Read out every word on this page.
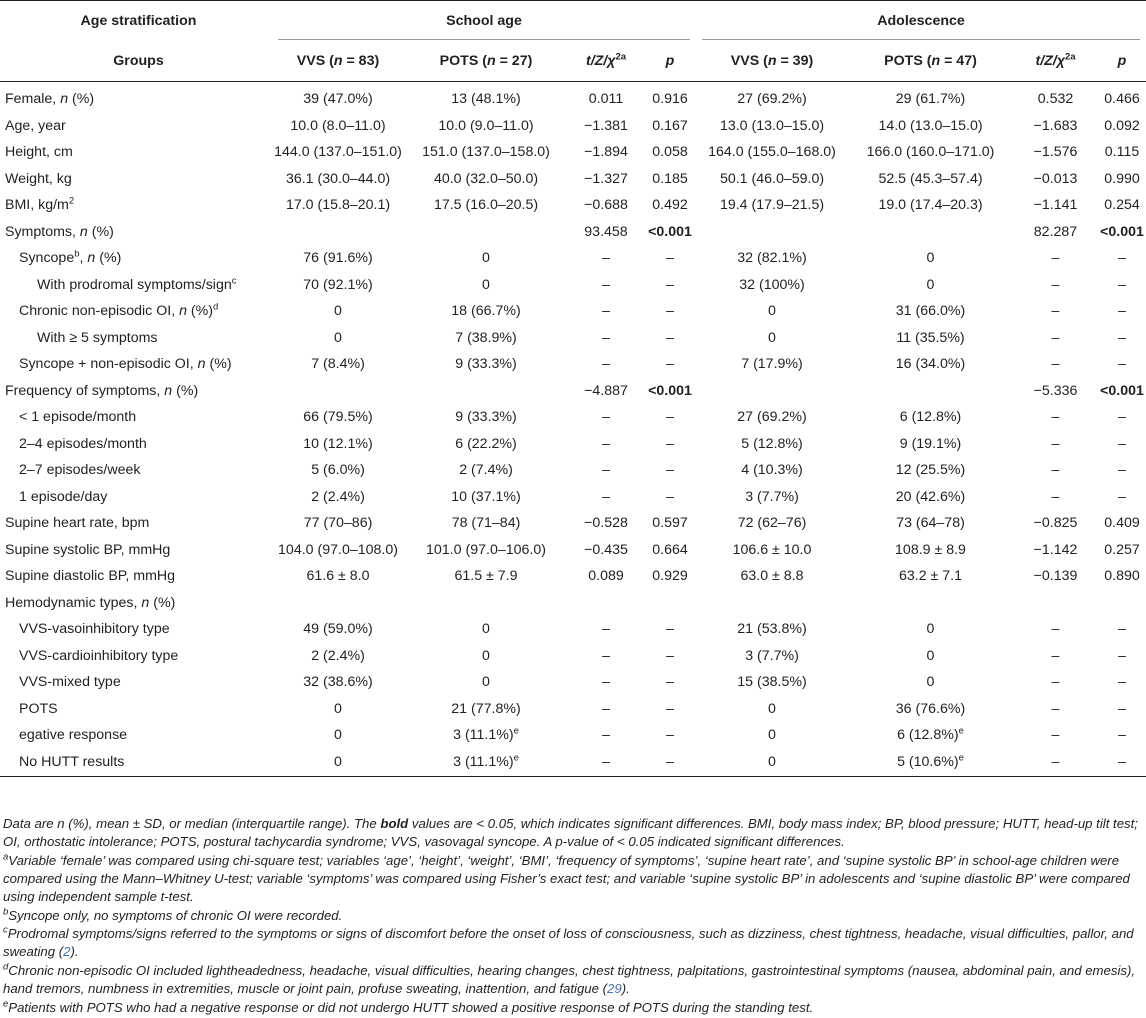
Age stratification	School age				Adolescence			

Groups	VVS (n = 83)	POTS (n = 27)	$t/Z/\chi^{2a}$	p	VVS (n = 39)	POTS (n = 47)	$t/Z/\chi^{2a}$	p
Female, n (%)	39 (47.0%)	13 (48.1%)	0.011	0.916	27 (69.2%)	29 (61.7%)	0.532	0.466
Age, year	10.0 (8.0–11.0)	10.0 (9.0–11.0)	−1.381	0.167	13.0 (13.0–15.0)	14.0 (13.0–15.0)	−1.683	0.092
Height, cm	144.0 (137.0–151.0)	151.0 (137.0–158.0)	−1.894	0.058	164.0 (155.0–168.0)	166.0 (160.0–171.0)	−1.576	0.115
Weight, kg	36.1 (30.0–44.0)	40.0 (32.0–50.0)	−1.327	0.185	50.1 (46.0–59.0)	52.5 (45.3–57.4)	−0.013	0.990
BMI, $kg/m^2$	17.0 (15.8–20.1)	17.5 (16.0–20.5)	−0.688	0.492	19.4 (17.9–21.5)	19.0 (17.4–20.3)	−1.141	0.254
Symptoms, n (%)			93.458	<0.001			82.287	<0.001
Syncope$^b$, n (%)	76 (91.6%)	0	–	–	32 (82.1%)	0	–	–
With prodromal symptoms/sign$^c$	70 (92.1%)	0	–	–	32 (100%)	0	–	–
Chronic non-episodic OI, n (%)$^d$	0	18 (66.7%)	–	–	0	31 (66.0%)	–	–
With ≥ 5 symptoms	0	7 (38.9%)	–	–	0	11 (35.5%)	–	–
Syncope + non-episodic OI, n (%)	7 (8.4%)	9 (33.3%)	–	–	7 (17.9%)	16 (34.0%)	–	–
Frequency of symptoms, n (%)			−4.887	<0.001			−5.336	<0.001
< 1 episode/month	66 (79.5%)	9 (33.3%)	–	–	27 (69.2%)	6 (12.8%)	–	–
2–4 episodes/month	10 (12.1%)	6 (22.2%)	–	–	5 (12.8%)	9 (19.1%)	–	–
2–7 episodes/week	5 (6.0%)	2 (7.4%)	–	–	4 (10.3%)	12 (25.5%)	–	–
1 episode/day	2 (2.4%)	10 (37.1%)	–	–	3 (7.7%)	20 (42.6%)	–	–
Supine heart rate, bpm	77 (70–86)	78 (71–84)	−0.528	0.597	72 (62–76)	73 (64–78)	−0.825	0.409
Supine systolic BP, mmHg	104.0 (97.0–108.0)	101.0 (97.0–106.0)	−0.435	0.664	106.6 ± 10.0	108.9 ± 8.9	−1.142	0.257
Supine diastolic BP, mmHg	61.6 ± 8.0	61.5 ± 7.9	0.089	0.929	63.0 ± 8.8	63.2 ± 7.1	−0.139	0.890
Hemodynamic types, n (%)								
VVS-vasoinhibitory type	49 (59.0%)	0	–	–	21 (53.8%)	0	–	–
VVS-cardioinhibitory type	2 (2.4%)	0	–	–	3 (7.7%)	0	–	–
VVS-mixed type	32 (38.6%)	0	–	–	15 (38.5%)	0	–	–
POTS	0	21 (77.8%)	–	–	0	36 (76.6%)	–	–
egative response	0	3 $(11.1\%)^e$	–	–	0	6 $(12.8\%)^e$	–	–
No HUTT results	0	3 $(11.1\%)^e$	–	–	0	5 $(10.6\%)^e$	–	–

Data are n (%), mean ± SD, or median (interquartile range). The bold values are < 0.05, which indicates significant differences. BMI, body mass index; BP, blood pressure; HUTT, head-up tilt test; OI, orthostatic intolerance; POTS, postural tachycardia syndrome; VVS, vasovagal syncope. A p-value of < 0.05 indicated significant differences.

$^a$Variable ‘female’ was compared using chi-square test; variables ‘age’, ‘height’, ‘weight’, ‘BMI’, ‘frequency of symptoms’, ‘supine heart rate’, and ‘supine systolic BP’ in school-age children were compared using the Mann–Whitney U-test; variable ‘symptoms’ was compared using Fisher’s exact test; and variable ‘supine systolic BP’ in adolescents and ‘supine diastolic BP’ were compared using independent sample t-test.

$^b$Syncope only, no symptoms of chronic OI were recorded.

$^c$Prodromal symptoms/signs referred to the symptoms or signs of discomfort before the onset of loss of consciousness, such as dizziness, chest tightness, headache, visual difficulties, pallor, and sweating (2).

$^d$Chronic non-episodic OI included lightheadedness, headache, visual difficulties, hearing changes, chest tightness, palpitations, gastrointestinal symptoms (nausea, abdominal pain, and emesis), hand tremors, numbness in extremities, muscle or joint pain, profuse sweating, inattention, and fatigue (29).

$^e$Patients with POTS who had a negative response or did not undergo HUTT showed a positive response of POTS during the standing test.
